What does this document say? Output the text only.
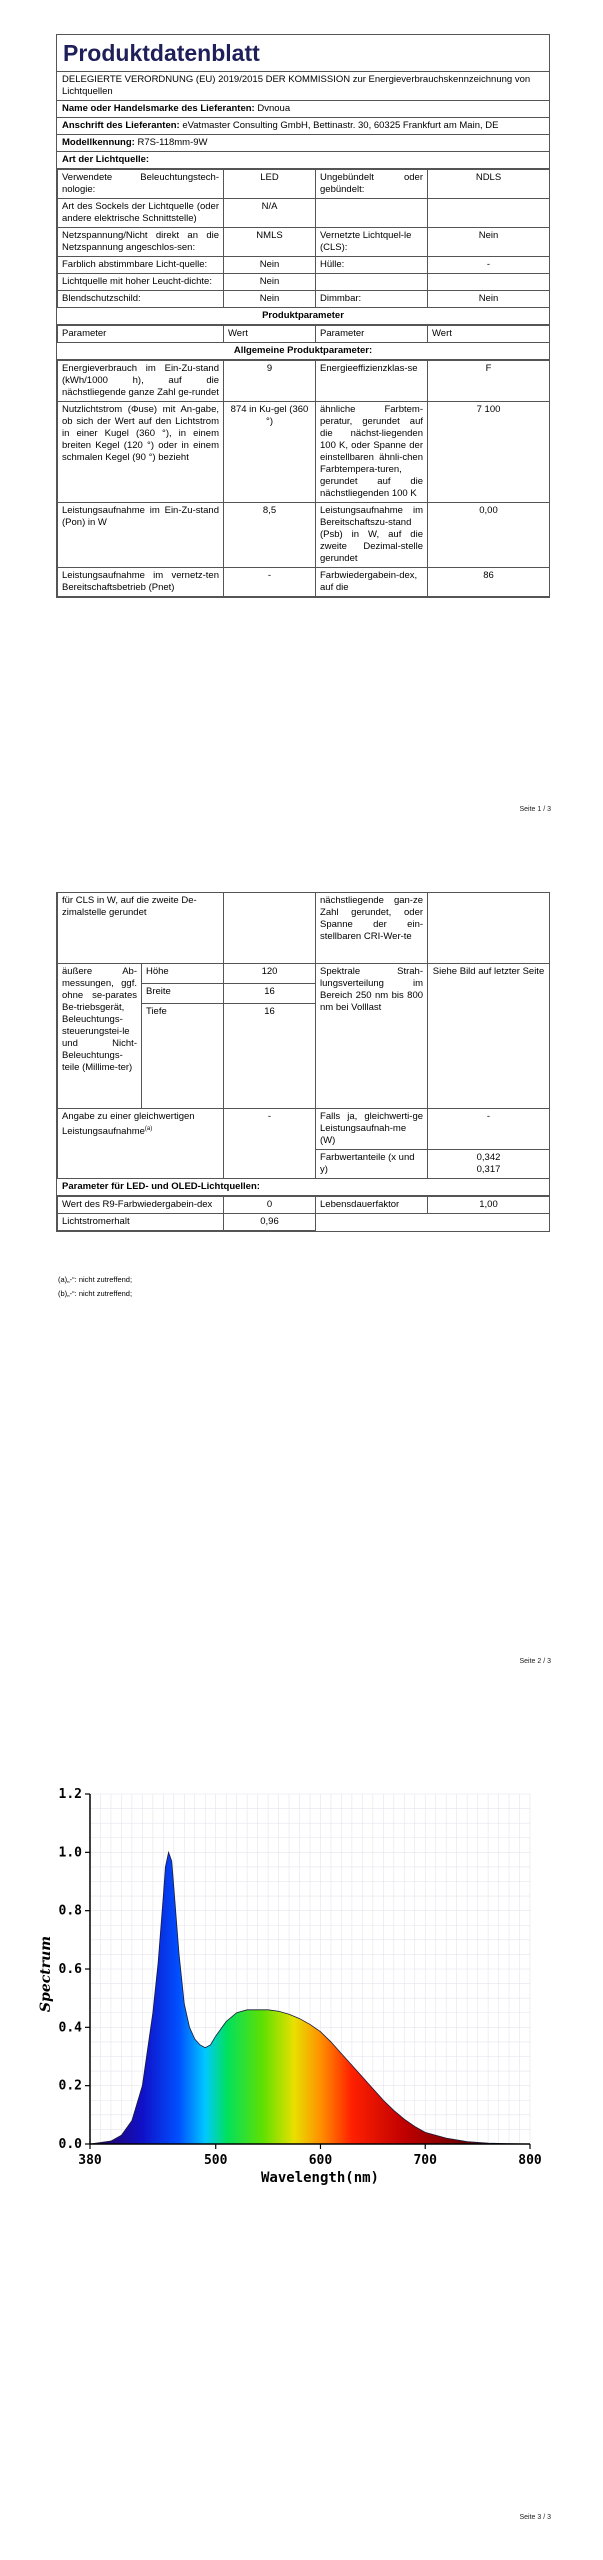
Produktdatenblatt
DELEGIERTE VERORDNUNG (EU) 2019/2015 DER KOMMISSION zur Energieverbrauchskennzeichnung von Lichtquellen
Name oder Handelsmarke des Lieferanten: Dvnoua
Anschrift des Lieferanten: eVatmaster Consulting GmbH, Bettinastr. 30, 60325 Frankfurt am Main, DE
Modellkennung: R7S-118mm-9W
Art der Lichtquelle:
Verwendete Beleuchtungstech-nologie:	LED	Ungebündelt oder gebündelt:	NDLS
Art des Sockels der Lichtquelle (oder andere elektrische Schnittstelle)	N/A		
Netzspannung/Nicht direkt an die Netzspannung angeschlos-sen:	NMLS	Vernetzte Lichtquel-le (CLS):	Nein
Farblich abstimmbare Licht-quelle:	Nein	Hülle:	-
Lichtquelle mit hoher Leucht-dichte:	Nein		
Blendschutzschild:	Nein	Dimmbar:	Nein
Produktparameter
Parameter	Wert	Parameter	Wert
Allgemeine Produktparameter:
Energieverbrauch im Ein-Zu-stand (kWh/1000 h), auf die nächstliegende ganze Zahl ge-rundet	9	Energieeffizienzklas-se	F
Nutzlichtstrom (Φuse) mit An-gabe, ob sich der Wert auf den Lichtstrom in einer Kugel (360 °), in einem breiten Kegel (120 °) oder in einem schmalen Kegel (90 °) bezieht	874 in Ku-gel (360 °)	ähnliche Farbtem-peratur, gerundet auf die nächst-liegenden 100 K, oder Spanne der einstellbaren ähnli-chen Farbtempera-turen, gerundet auf die nächstliegenden 100 K	7 100
Leistungsaufnahme im Ein-Zu-stand (Pon) in W	8,5	Leistungsaufnahme im Bereitschaftszu-stand (Psb) in W, auf die zweite Dezimal-stelle gerundet	0,00
Leistungsaufnahme im vernetz-ten Bereitschaftsbetrieb (Pnet)	-	Farbwiedergabein-dex, auf die	86
Seite 1 / 3
für CLS in W, auf die zweite De-zimalstelle gerundet			nächstliegende gan-ze Zahl gerundet, oder Spanne der ein-stellbaren CRI-Wer-te	
äußere Ab-messungen, ggf. ohne se-parates Be-triebsgerät, Beleuchtungs-steuerungstei-le und Nicht-Beleuchtungs-teile (Millime-ter)	Höhe	120	Spektrale Strah-lungsverteilung im Bereich 250 nm bis 800 nm bei Volllast	Siehe Bild auf letzter Seite
	Breite	16		
	Tiefe	16		
Angabe zu einer gleichwertigen Leistungsaufnahme$^{(a)}$		-	Falls ja, gleichwerti-ge Leistungsaufnah-me (W)	-
			Farbwertanteile (x und y)	0,342
0,317
Parameter für LED- und OLED-Lichtquellen:
Wert des R9-Farbwiedergabein-dex	0	Lebensdauerfaktor	1,00
Lichtstromerhalt	0,96		
(a)„-“: nicht zutreffend;
(b)„-“: nicht zutreffend;
Seite 2 / 3
0.0
0.2
0.4
0.6
0.8
1.0
1.2
380	500	600	700	800
Spectrum
Wavelength(nm)
Seite 3 / 3
